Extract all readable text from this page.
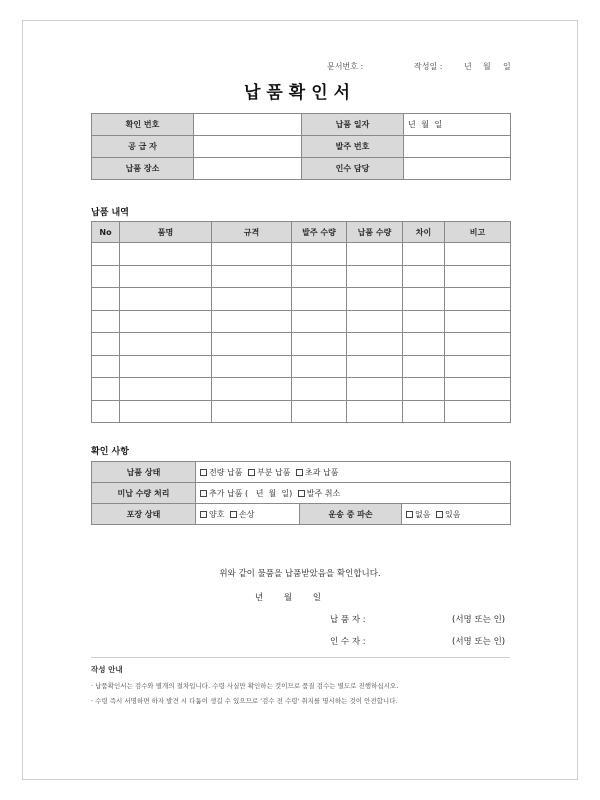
문서번호 :	작성일 :	년 월 일
납품확인서
확인 번호		납품 일자	년 월 일
공 급 자		발주 번호	
납품 장소		인수 담당	
납품 내역
No	품명	규격	발주 수량	납품 수량	차이	비고

확인 사항
납품 상태	전량 납품 부분 납품 초과 납품		
미납 수량 처리	추가 납품 (   년  월  일) 발주 취소		
포장 상태	양호 손상	운송 중 파손	없음 있음
위와 같이 물품을 납품받았음을 확인합니다.
년 월 일
납 품 자 :	(서명 또는 인)
인 수 자 :	(서명 또는 인)
작성 안내
· 납품확인서는 검수와 별개의 절차입니다. 수령 사실만 확인하는 것이므로 품질 검수는 별도로 진행하십시오.
· 수령 즉시 서명하면 하자 발견 시 다툼이 생길 수 있으므로 '검수 전 수령' 취지를 명시하는 것이 안전합니다.
